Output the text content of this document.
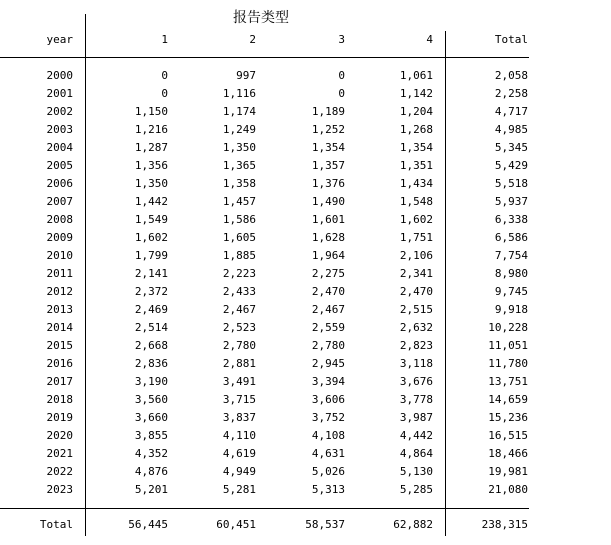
报告类型
year	1	2	3	4	Total
2000	0	997	0	1,061	2,058
2001	0	1,116	0	1,142	2,258
2002	1,150	1,174	1,189	1,204	4,717
2003	1,216	1,249	1,252	1,268	4,985
2004	1,287	1,350	1,354	1,354	5,345
2005	1,356	1,365	1,357	1,351	5,429
2006	1,350	1,358	1,376	1,434	5,518
2007	1,442	1,457	1,490	1,548	5,937
2008	1,549	1,586	1,601	1,602	6,338
2009	1,602	1,605	1,628	1,751	6,586
2010	1,799	1,885	1,964	2,106	7,754
2011	2,141	2,223	2,275	2,341	8,980
2012	2,372	2,433	2,470	2,470	9,745
2013	2,469	2,467	2,467	2,515	9,918
2014	2,514	2,523	2,559	2,632	10,228
2015	2,668	2,780	2,780	2,823	11,051
2016	2,836	2,881	2,945	3,118	11,780
2017	3,190	3,491	3,394	3,676	13,751
2018	3,560	3,715	3,606	3,778	14,659
2019	3,660	3,837	3,752	3,987	15,236
2020	3,855	4,110	4,108	4,442	16,515
2021	4,352	4,619	4,631	4,864	18,466
2022	4,876	4,949	5,026	5,130	19,981
2023	5,201	5,281	5,313	5,285	21,080
Total	56,445	60,451	58,537	62,882	238,315
